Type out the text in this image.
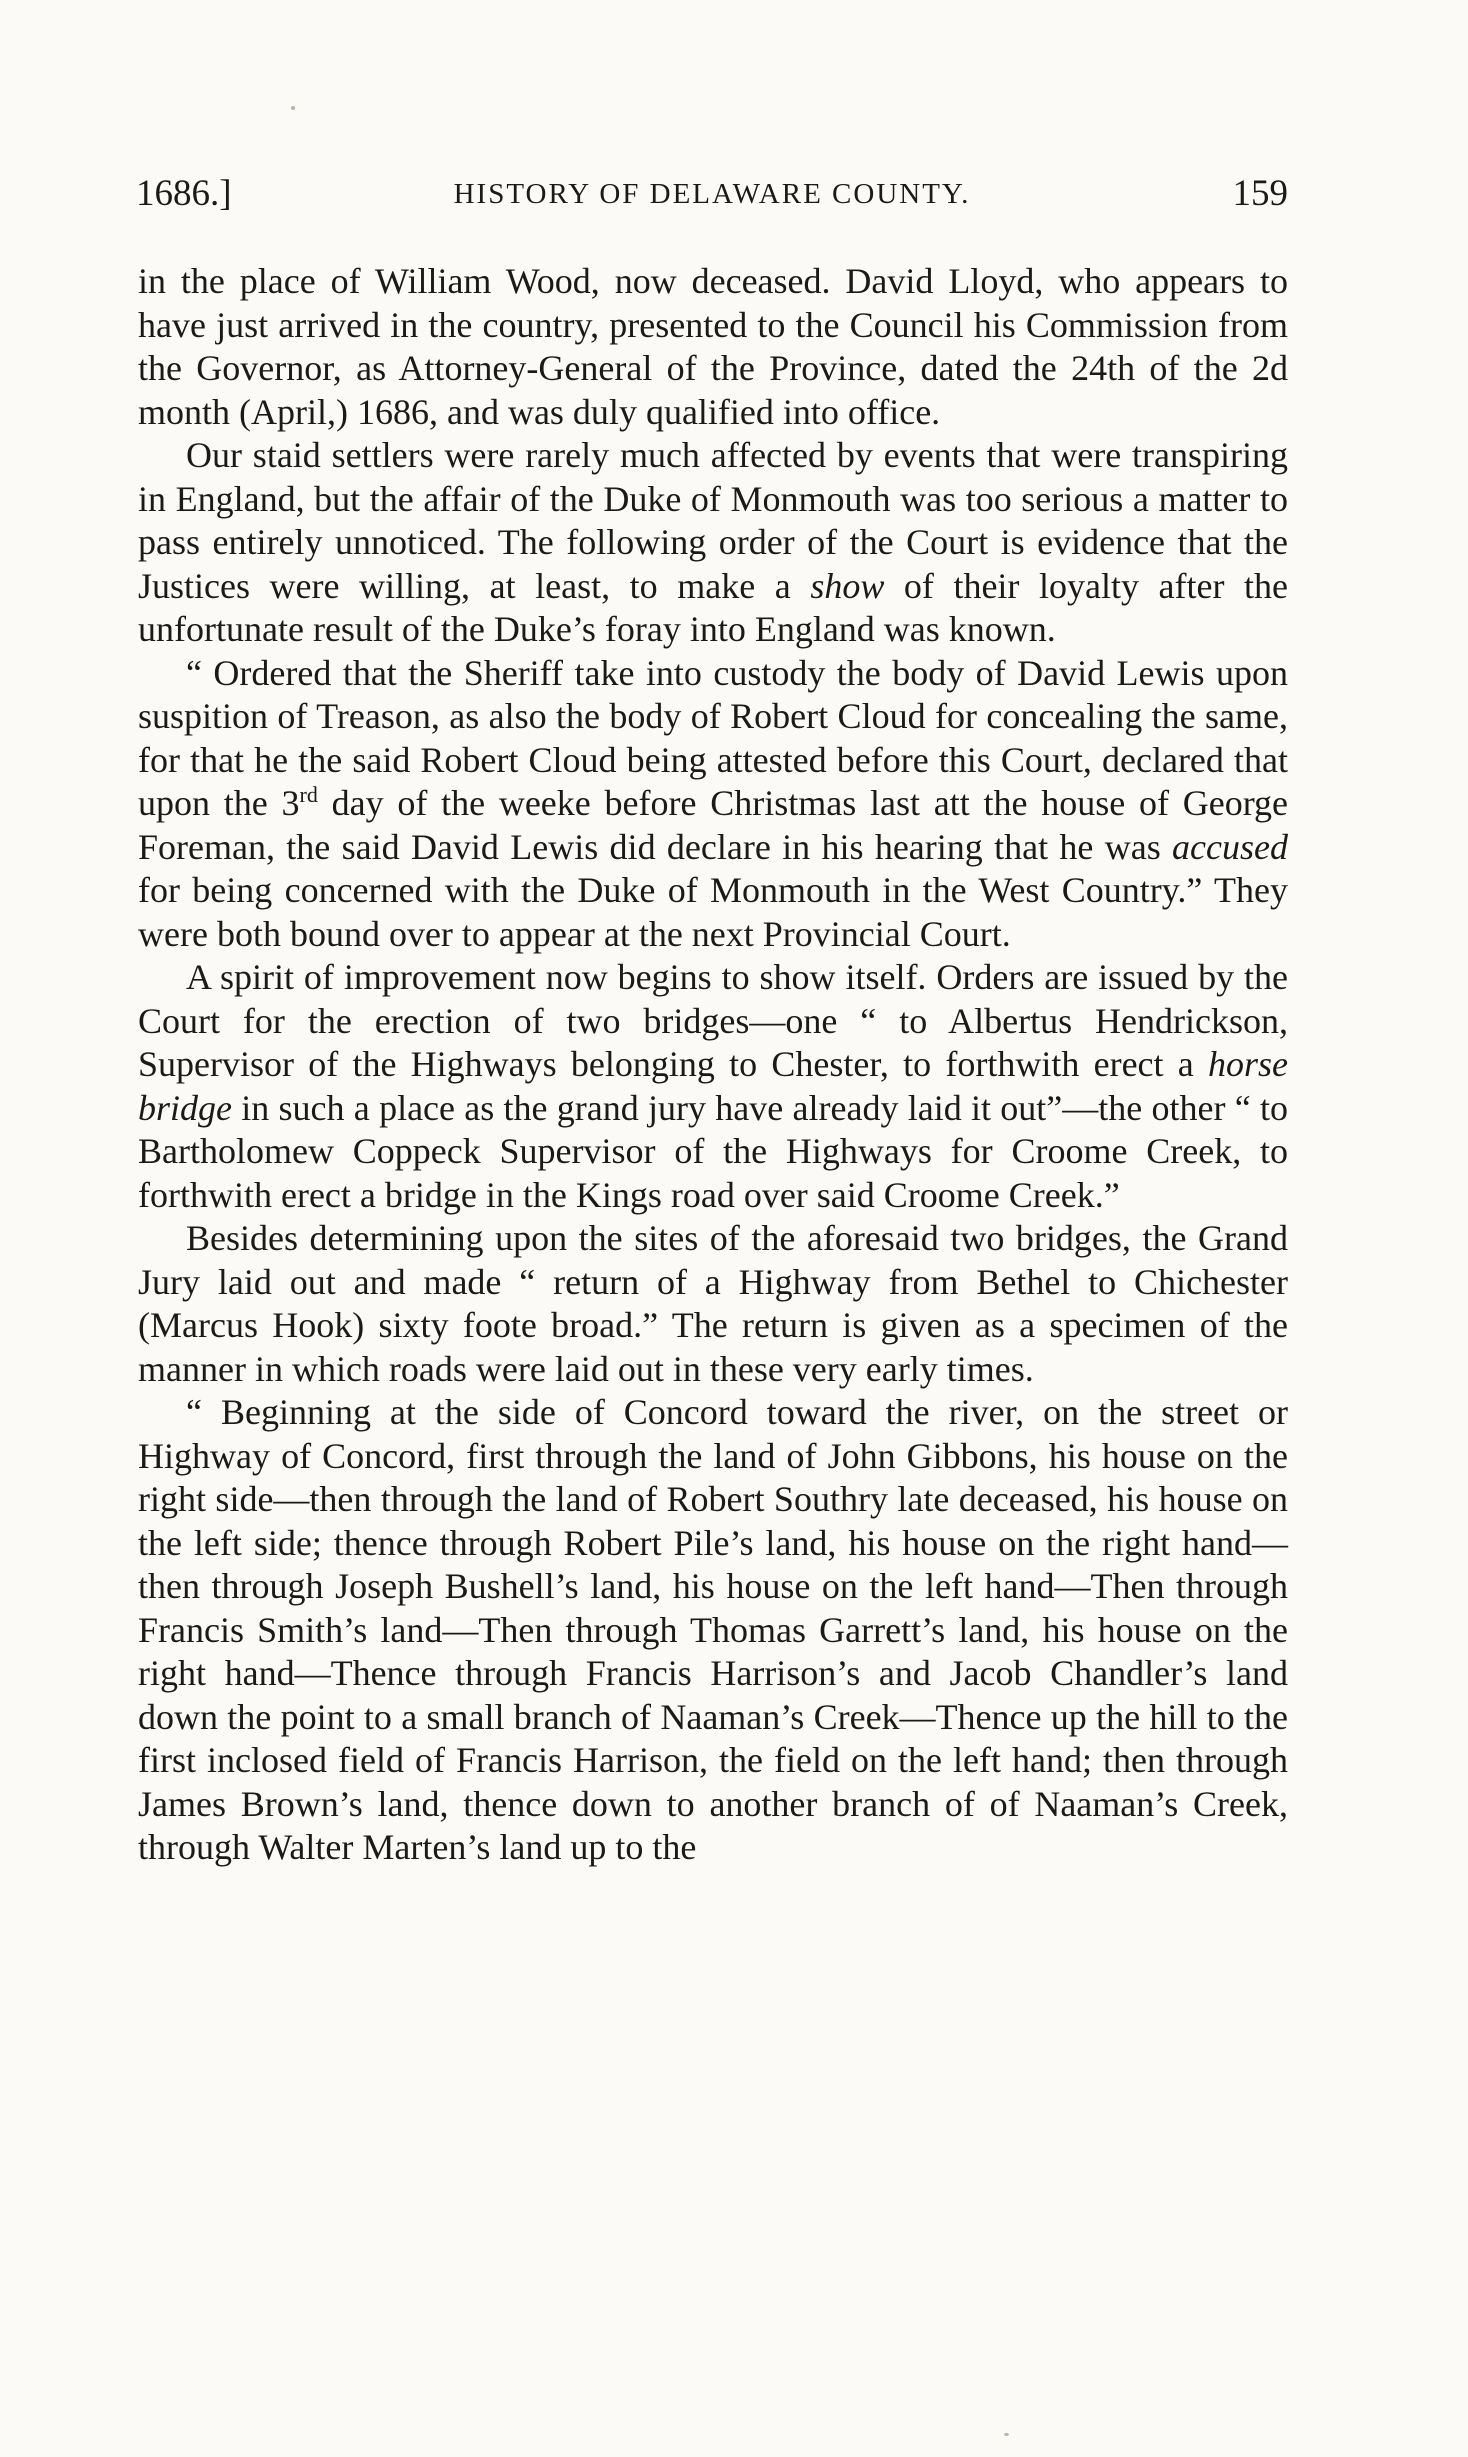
1686.]	HISTORY OF DELAWARE COUNTY.	159

in the place of William Wood, now deceased. David Lloyd, who appears to have just arrived in the country, presented to the Council his Commission from the Governor, as Attorney-General of the Province, dated the 24th of the 2d month (April,) 1686, and was duly qualified into office.

Our staid settlers were rarely much affected by events that were transpiring in England, but the affair of the Duke of Monmouth was too serious a matter to pass entirely unnoticed. The following order of the Court is evidence that the Justices were willing, at least, to make a show of their loyalty after the unfortunate result of the Duke’s foray into England was known.

“ Ordered that the Sheriff take into custody the body of David Lewis upon suspition of Treason, as also the body of Robert Cloud for concealing the same, for that he the said Robert Cloud being attested before this Court, declared that upon the 3rd day of the weeke before Christmas last att the house of George Foreman, the said David Lewis did declare in his hearing that he was accused for being concerned with the Duke of Monmouth in the West Country.” They were both bound over to appear at the next Provincial Court.

A spirit of improvement now begins to show itself. Orders are issued by the Court for the erection of two bridges—one “ to Albertus Hendrickson, Supervisor of the Highways belonging to Chester, to forthwith erect a horse bridge in such a place as the grand jury have already laid it out”—the other “ to Bartholomew Coppeck Supervisor of the Highways for Croome Creek, to forthwith erect a bridge in the Kings road over said Croome Creek.”

Besides determining upon the sites of the aforesaid two bridges, the Grand Jury laid out and made “ return of a Highway from Bethel to Chichester (Marcus Hook) sixty foote broad.” The return is given as a specimen of the manner in which roads were laid out in these very early times.

“ Beginning at the side of Concord toward the river, on the street or Highway of Concord, first through the land of John Gibbons, his house on the right side—then through the land of Robert Southry late deceased, his house on the left side; thence through Robert Pile’s land, his house on the right hand—then through Joseph Bushell’s land, his house on the left hand—Then through Francis Smith’s land—Then through Thomas Garrett’s land, his house on the right hand—Thence through Francis Harrison’s and Jacob Chandler’s land down the point to a small branch of Naaman’s Creek—Thence up the hill to the first inclosed field of Francis Harrison, the field on the left hand; then through James Brown’s land, thence down to another branch of of Naaman’s Creek, through Walter Marten’s land up to the
